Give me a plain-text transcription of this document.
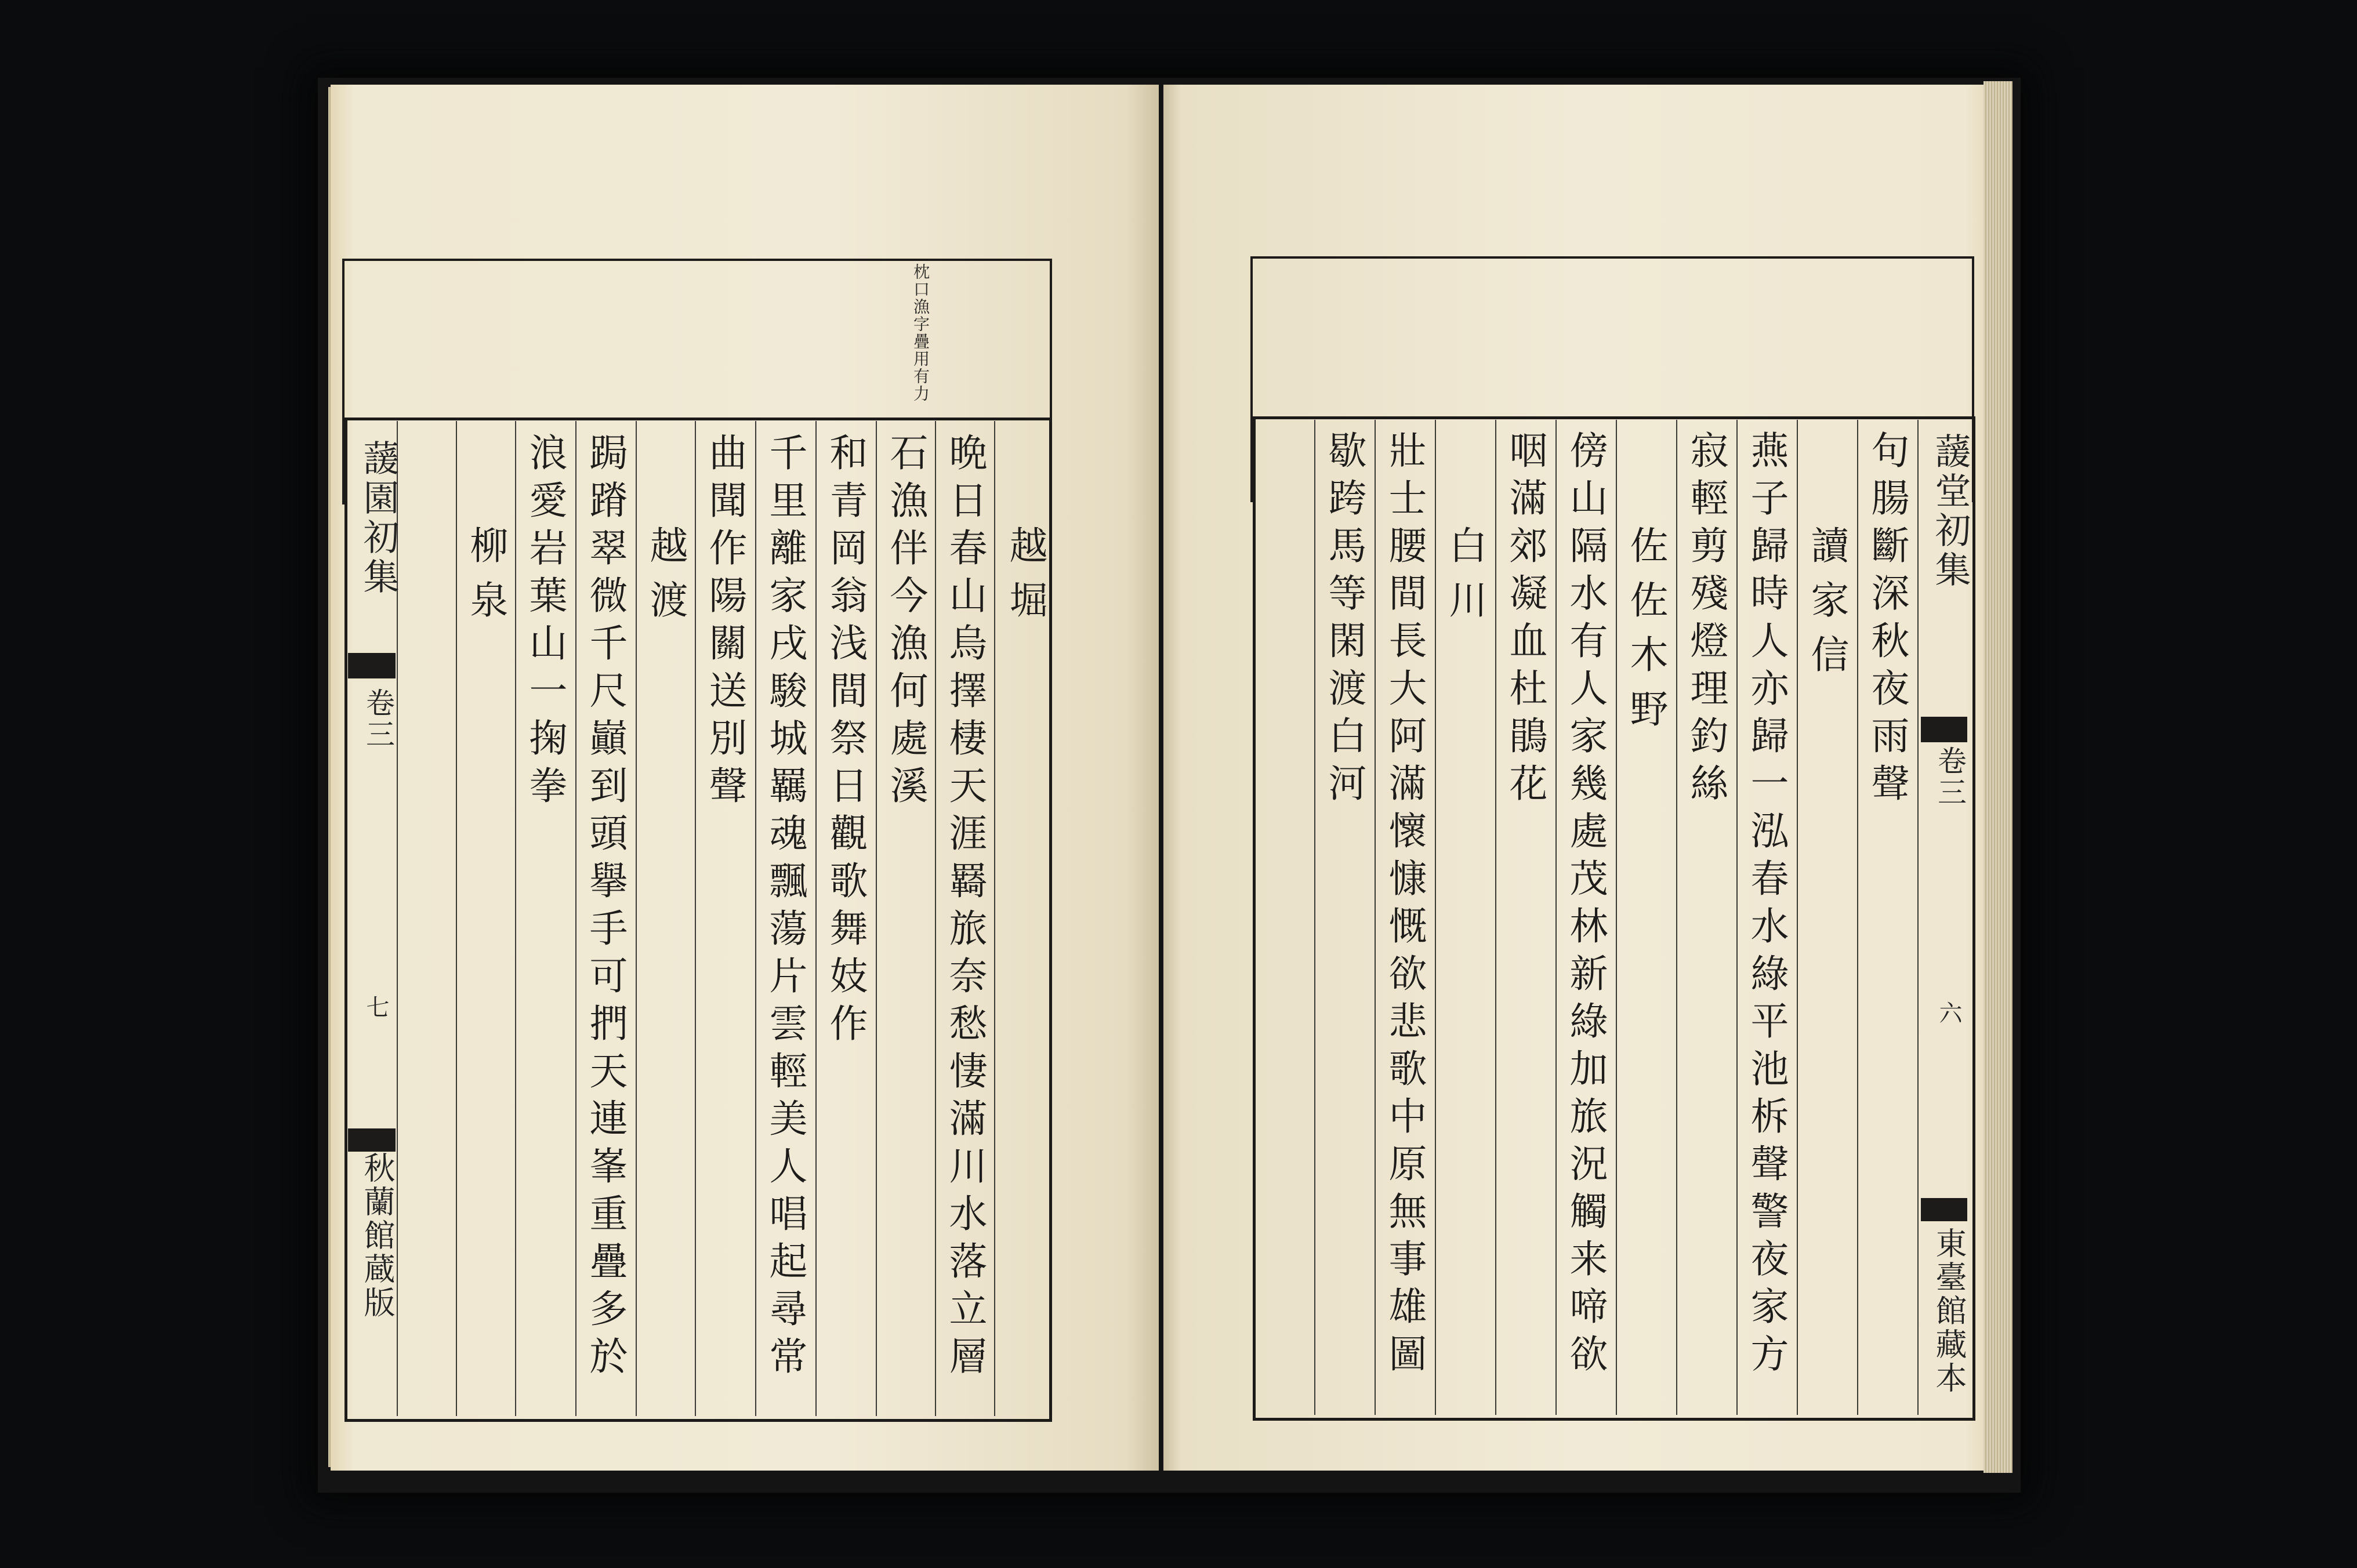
枕口漁字疊用有力
蘐園初集
卷三
七
秋蘭館蔵版
越堀
晩日春山烏擇棲天涯羇旅奈愁悽滿川水落立層
石漁伴今漁何處溪
和青岡翁浅間祭日觀歌舞妓作
千里離家戌駿城羈魂飄蕩片雲輕美人唱起尋常
曲聞作陽關送別聲
越渡
跼蹐翠微千尺巓到頭擧手可捫天連峯重疊多於
浪愛岩葉山一掬拳
柳泉	句腸斷深秋夜雨聲
讀家信
燕子歸時人亦歸一泓春水綠平池柝聲警夜家方
寂輕剪殘燈理釣絲
佐佐木野
傍山隔水有人家幾處茂林新綠加旅況觸来啼欲
咽滿郊凝血杜鵑花
白川
壯士腰間長大阿滿懷慷慨欲悲歌中原無事雄圖
歇跨馬等閑渡白河	蘐堂初集
卷三
六
東臺館藏本
